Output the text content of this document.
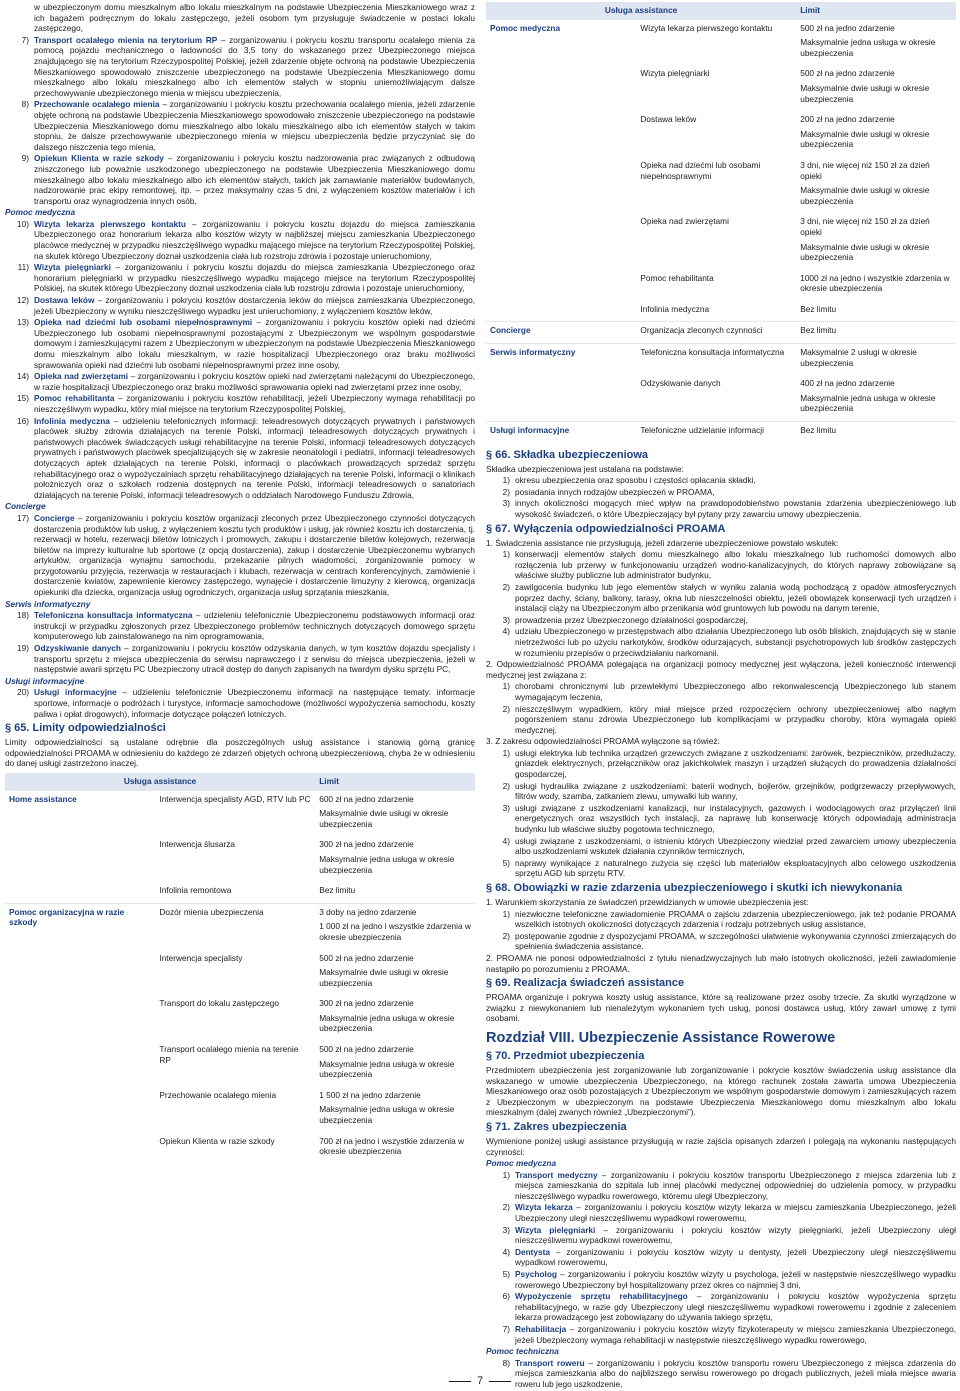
w ubezpieczonym domu mieszkalnym albo lokalu mieszkalnym na podstawie Ubezpieczenia Mieszkaniowego wraz z ich bagażem podręcznym do lokalu zastępczego, jeżeli osobom tym przysługuje świadczenie w postaci lokalu zastępczego,
7) Transport ocalałego mienia na terytorium RP – zorganizowaniu i pokryciu kosztu transportu ocalałego mienia za pomocą pojazdu mechanicznego o ładowności do 3,5 tony do wskazanego przez Ubezpieczonego miejsca znajdującego się na terytorium Rzeczypospolitej Polskiej, jeżeli zdarzenie objęte ochroną na podstawie Ubezpieczenia Mieszkaniowego spowodowało zniszczenie ubezpieczonego na podstawie Ubezpieczenia Mieszkaniowego domu mieszkalnego albo lokalu mieszkalnego albo ich elementów stałych w stopniu uniemożliwiającym dalsze przechowywanie ubezpieczonego mienia w miejscu ubezpieczenia,
8) Przechowanie ocalałego mienia – zorganizowaniu i pokryciu kosztu przechowania ocalałego mienia, jeżeli zdarzenie objęte ochroną na podstawie Ubezpieczenia Mieszkaniowego spowodowało zniszczenie ubezpieczonego na podstawie Ubezpieczenia Mieszkaniowego domu mieszkalnego albo lokalu mieszkalnego albo ich elementów stałych w takim stopniu, że dalsze przechowywanie ubezpieczonego mienia w miejscu ubezpieczenia będzie przyczyniać się do dalszego niszczenia tego mienia,
9) Opiekun Klienta w razie szkody – zorganizowaniu i pokryciu kosztu nadzorowania prac związanych z odbudową zniszczonego lub poważnie uszkodzonego ubezpieczonego na podstawie Ubezpieczenia Mieszkaniowego domu mieszkalnego albo lokalu mieszkalnego albo ich elementów stałych, takich jak zamawianie materiałów budowlanych, nadzorowanie prac ekipy remontowej, itp. – przez maksymalny czas 5 dni, z wyłączeniem kosztów materiałów i ich transportu oraz wynagrodzenia innych osób,
Pomoc medyczna
10) Wizyta lekarza pierwszego kontaktu – zorganizowaniu i pokryciu kosztu dojazdu do miejsca zamieszkania Ubezpieczonego oraz honorarium lekarza albo kosztów wizyty w najbliższej miejscu zamieszkania Ubezpieczonego placówce medycznej w przypadku nieszczęśliwego wypadku mającego miejsce na terytorium Rzeczypospolitej Polskiej, na skutek którego Ubezpieczony doznał uszkodzenia ciała lub rozstroju zdrowia i pozostaje unieruchomiony,
11) Wizyta pielęgniarki – zorganizowaniu i pokryciu kosztu dojazdu do miejsca zamieszkania Ubezpieczonego oraz honorarium pielęgniarki w przypadku nieszczęśliwego wypadku mającego miejsce na terytorium Rzeczypospolitej Polskiej, na skutek którego Ubezpieczony doznał uszkodzenia ciała lub rozstroju zdrowia i pozostaje unieruchomiony,
12) Dostawa leków – zorganizowaniu i pokryciu kosztów dostarczenia leków do miejsca zamieszkania Ubezpieczonego, jeżeli Ubezpieczony w wyniku nieszczęśliwego wypadku jest unieruchomiony, z wyłączeniem kosztów leków,
13) Opieka nad dziećmi lub osobami niepełnosprawnymi – zorganizowaniu i pokryciu kosztów opieki nad dziećmi Ubezpieczonego lub osobami niepełnosprawnymi pozostającymi z Ubezpieczonym we wspólnym gospodarstwie domowym i zamieszkującymi razem z Ubezpieczonym w ubezpieczonym na podstawie Ubezpieczenia Mieszkaniowego domu mieszkalnym albo lokalu mieszkalnym, w razie hospitalizacji Ubezpieczonego oraz braku możliwości sprawowania opieki nad dziećmi lub osobami niepełnosprawnymi przez inne osoby,
14) Opieka nad zwierzętami – zorganizowaniu i pokryciu kosztów opieki nad zwierzętami należącymi do Ubezpieczonego, w razie hospitalizacji Ubezpieczonego oraz braku możliwości sprawowania opieki nad zwierzętami przez inne osoby,
15) Pomoc rehabilitanta – zorganizowaniu i pokryciu kosztów rehabilitacji, jeżeli Ubezpieczony wymaga rehabilitacji po nieszczęśliwym wypadku, który miał miejsce na terytorium Rzeczypospolitej Polskiej,
16) Infolinia medyczna – udzieleniu telefonicznych informacji: teleadresowych dotyczących prywatnych i państwowych placówek służby zdrowia działających na terenie Polski, informacji teleadresowych dotyczących prywatnych i państwowych placówek świadczących usługi rehabilitacyjne na terenie Polski, informacji teleadresowych dotyczących prywatnych i państwowych placówek specjalizujących się w zakresie neonatologii i pediatrii, informacji teleadresowych dotyczących aptek działających na terenie Polski, informacji o placówkach prowadzących sprzedaż sprzętu rehabilitacyjnego oraz o wypożyczalniach sprzętu rehabilitacyjnego działających na terenie Polski, informacji o klinikach położniczych oraz o szkołach rodzenia dostępnych na terenie Polski, informacji teleadresowych o sanatoriach działających na terenie Polski, informacji teleadresowych o oddziałach Narodowego Funduszu Zdrowia,
Concierge
17) Concierge – zorganizowaniu i pokryciu kosztów organizacji zleconych przez Ubezpieczonego czynności dotyczących dostarczenia produktów lub usług, z wyłączeniem kosztu tych produktów i usług, jak również kosztu ich dostarczenia, tj. rezerwacji w hotelu, rezerwacji biletów lotniczych i promowych, zakupu i dostarczenie biletów kolejowych, rezerwacja biletów na imprezy kulturalne lub sportowe (z opcją dostarczenia), zakup i dostarczenie Ubezpieczonemu wybranych artykułów, organizacja wynajmu samochodu, przekazanie pilnych wiadomości, zorganizowanie pomocy w przygotowaniu przyjęcia, rezerwacja w restauracjach i klubach, rezerwacja w centrach konferencyjnych, zamówienie i dostarczenie kwiatów, zapewnienie kierowcy zastępczego, wynajęcie i dostarczenie limuzyny z kierowcą, organizacja opiekunki dla dziecka, organizacja usług ogrodniczych, organizacja usług sprzątania mieszkania,
Serwis informatyczny
18) Telefoniczna konsultacja informatyczna – udzieleniu telefonicznie Ubezpieczonemu podstawowych informacji oraz instrukcji w przypadku zgłoszonych przez Ubezpieczonego problemów technicznych dotyczących domowego sprzętu komputerowego lub zainstalowanego na nim oprogramowania,
19) Odzyskiwanie danych – zorganizowaniu i pokryciu kosztów odzyskania danych, w tym kosztów dojazdu specjalisty i transportu sprzętu z miejsca ubezpieczenia do serwisu naprawczego i z serwisu do miejsca ubezpieczenia, jeżeli w następstwie awarii sprzętu PC Ubezpieczony utracił dostęp do danych zapisanych na twardym dysku sprzętu PC,
Usługi informacyjne
20) Usługi informacyjne – udzieleniu telefonicznie Ubezpieczonemu informacji na następujące tematy: informacje sportowe, informacje o podróżach i turystyce, informacje samochodowe (możliwości wypożyczenia samochodu, koszty paliwa i opłat drogowych), informacje dotyczące połączeń lotniczych.
§ 65. Limity odpowiedzialności

Limity odpowiedzialności są ustalane odrębnie dla poszczególnych usług assistance i stanowią górną granicę odpowiedzialności PROAMA w odniesieniu do każdego ze zdarzeń objętych ochroną ubezpieczeniową, chyba że w odniesieniu do danej usługi zastrzeżono inaczej.

Usługa assistance		Limit
Home assistance	Interwencja specjalisty AGD, RTV lub PC	600 zł na jedno zdarzenie
Maksymalnie dwie usługi w okresie ubezpieczenia

	Interwencja ślusarza	300 zł na jedno zdarzenie
Maksymalnie jedna usługa w okresie ubezpieczenia

	Infolinia remontowa	Bez limitu

Pomoc organizacyjna w razie szkody	Dozór mienia ubezpieczenia	3 doby na jedno zdarzenie
1 000 zł na jedno i wszystkie zdarzenia w okresie ubezpieczenia

	Interwencja specjalisty	500 zł na jedno zdarzenie
Maksymalnie dwie usługi w okresie ubezpieczenia

	Transport do lokalu zastępczego	300 zł na jedno zdarzenie
Maksymalnie jedna usługa w okresie ubezpieczenia

	Transport ocalałego mienia na terenie RP	500 zł na jedno zdarzenie
Maksymalnie jedna usługa w okresie ubezpieczenia

	Przechowanie ocalałego mienia	1 500 zł na jedno zdarzenie
Maksymalnie jedna usługa w okresie ubezpieczenia

	Opiekun Klienta w razie szkody	700 zł na jedno i wszystkie zdarzenia w okresie ubezpieczenia
Usługa assistance		Limit
Pomoc medyczna	Wizyta lekarza pierwszego kontaktu	500 zł na jedno zdarzenie
Maksymalnie jedna usługa w okresie ubezpieczenia

	Wizyta pielęgniarki	500 zł na jedno zdarzenie
Maksymalnie dwie usługi w okresie ubezpieczenia

	Dostawa leków	200 zł na jedno zdarzenie
Maksymalnie dwie usługi w okresie ubezpieczenia

	Opieka nad dziećmi lub osobami niepełnosprawnymi	3 dni, nie więcej niż 150 zł za dzień opieki
Maksymalnie dwie usługi w okresie ubezpieczenia

	Opieka nad zwierzętami	3 dni, nie więcej niż 150 zł za dzień opieki
Maksymalnie dwie usługi w okresie ubezpieczenia

	Pomoc rehabilitanta	1000 zł na jedno i wszystkie zdarzenia w okresie ubezpieczenia

	Infolinia medyczna	Bez limitu

Concierge	Organizacja zleconych czynności	Bez limitu

Serwis informatyczny	Telefoniczna konsultacja informatyczna	Maksymalnie 2 usługi w okresie ubezpieczenia

	Odzyskiwanie danych	400 zł na jedno zdarzenie
Maksymalnie jedna usługa w okresie ubezpieczenia

Usługi informacyjne	Telefoniczne udzielanie informacji	Bez limitu
§ 66. Składka ubezpieczeniowa

Składka ubezpieczeniowa jest ustalana na podstawie:

1) okresu ubezpieczenia oraz sposobu i częstości opłacania składki,
2) posiadania innych rodzajów ubezpieczeń w PROAMA,
3) innych okoliczności mogących mieć wpływ na prawdopodobieństwo powstania zdarzenia ubezpieczeniowego lub wysokość świadczeń, o które Ubezpieczający był pytany przy zawarciu umowy ubezpieczenia.
§ 67. Wyłączenia odpowiedzialności PROAMA

1. Świadczenia assistance nie przysługują, jeżeli zdarzenie ubezpieczeniowe powstało wskutek:

1) konserwacji elementów stałych domu mieszkalnego albo lokalu mieszkalnego lub ruchomości domowych albo rozłączenia lub przerwy w funkcjonowaniu urządzeń wodno-kanalizacyjnych, do których naprawy zobowiązane są właściwe służby publiczne lub administrator budynku,
2) zawilgocenia budynku lub jego elementów stałych w wyniku zalania wodą pochodzącą z opadów atmosferycznych poprzez dachy, ściany, balkony, tarasy, okna lub nieszczelności obiektu, jeżeli obowiązek konserwacji tych urządzeń i instalacji ciąży na Ubezpieczonym albo przenikania wód gruntowych lub powodu na danym terenie,
3) prowadzenia przez Ubezpieczonego działalności gospodarczej,
4) udziału Ubezpieczonego w przestępstwach albo działania Ubezpieczonego lub osób bliskich, znajdujących się w stanie nietrzeźwości lub po użyciu narkotyków, środków odurzających, substancji psychotropowych lub środków zastępczych w rozumieniu przepisów o przeciwdziałaniu narkomanii.

2. Odpowiedzialność PROAMA polegająca na organizacji pomocy medycznej jest wyłączona, jeżeli konieczność interwencji medycznej jest związana z:

1) chorobami chronicznymi lub przewlekłymi Ubezpieczonego albo rekonwalescencją Ubezpieczonego lub stanem wymagającym leczenia,
2) nieszczęśliwym wypadkiem, który miał miejsce przed rozpoczęciem ochrony ubezpieczeniowej albo nagłym pogorszeniem stanu zdrowia Ubezpieczonego lub komplikacjami w przypadku choroby, która wymagała opieki medycznej.

3. Z zakresu odpowiedzialności PROAMA wyłączone są rówież:

1) usługi elektryka lub technika urządzeń grzewczych związane z uszkodzeniami: żarówek, bezpieczników, przedłużaczy, gniazdek elektrycznych, przełączników oraz jakichkolwiek maszyn i urządzeń służących do prowadzenia działalności gospodarczej,
2) usługi hydraulika związane z uszkodzeniami: baterii wodnych, bojlerów, grzejników, podgrzewaczy przepływowych, filtrów wody, szamba, zatkaniem zlewu, umywalki lub wanny,
3) usługi związane z uszkodzeniami kanalizacji, nur instalacyjnych, gazowych i wodociągowych oraz przyłączeń linii energetycznych oraz wszystkich tych instalacji, za naprawę lub konserwację których odpowiadają administracja budynku lub właściwe służby pogotowia technicznego,
4) usługi związane z uszkodzeniami, o istnieniu których Ubezpieczony wiedział przed zawarciem umowy ubezpieczenia albo uszkodzeniami wskutek działania czynników termicznych,
5) naprawy wynikające z naturalnego zużycia się części lub materiałów eksploatacyjnych albo celowego uszkodzenia sprzętu AGD lub sprzętu RTV.
§ 68. Obowiązki w razie zdarzenia ubezpieczeniowego i skutki ich niewykonania

1. Warunkiem skorzystania ze świadczeń przewidzianych w umowie ubezpieczenia jest:

1) niezwłoczne telefoniczne zawiadomienie PROAMA o zajściu zdarzenia ubezpieczeniowego, jak też podanie PROAMA wszelkich istotnych okoliczności dotyczących zdarzenia i rodzaju potrzebnych usług assistance,
2) postępowanie zgodnie z dyspozycjami PROAMA, w szczególności ułatwienie wykonywania czynności zmierzających do spełnienia świadczenia assistance.

2. PROAMA nie ponosi odpowiedzialności z tytułu nienadzwyczajnych lub mało istotnych okoliczności, jeżeli zawiadomienie nastąpiło po porozumieniu z PROAMA.

§ 69. Realizacja świadczeń assistance

PROAMA organizuje i pokrywa koszty usług assistance, które są realizowane przez osoby trzecie. Za skutki wyrządzone w związku z niewykonaniem lub nienależytym wykonaniem tych usług, ponosi dostawca usług, który zawarł umowę z tymi osobami.

Rozdział VIII. Ubezpieczenie Assistance Rowerowe
§ 70. Przedmiot ubezpieczenia

Przedmiotem ubezpieczenia jest zorganizowanie lub zorganizowanie i pokrycie kosztów świadczenia usług assistance dla wskazanego w umowie ubezpieczenia Ubezpieczonego, na którego rachunek została zawarta umowa Ubezpieczenia Mieszkaniowego oraz osób pozostających z Ubezpieczonym we wspólnym gospodarstwie domowym i zamieszkujących razem z Ubezpieczonym w ubezpieczonym na podstawie Ubezpieczenia Mieszkaniowego domu mieszkalnym albo lokalu mieszkalnym (dalej zwanych również „Ubezpieczonymi”).

§ 71. Zakres ubezpieczenia

Wymienione poniżej usługi assistance przysługują w razie zajścia opisanych zdarzeń i polegają na wykonaniu następujących czynności:

Pomoc medyczna
1) Transport medyczny – zorganizowaniu i pokryciu kosztów transportu Ubezpieczonego z miejsca zdarzenia lub z miejsca zamieszkania do szpitala lub innej placówki medycznej odpowiedniej do udzielenia pomocy, w przypadku nieszczęśliwego wypadku rowerowego, któremu uległ Ubezpieczony,
2) Wizyta lekarza – zorganizowaniu i pokryciu kosztów wizyty lekarza w miejscu zamieszkania Ubezpieczonego, jeżeli Ubezpieczony uległ nieszczęśliwemu wypadkowi rowerowemu,
3) Wizyta pielęgniarki – zorganizowaniu i pokryciu kosztów wizyty pielęgniarki, jeżeli Ubezpieczony uległ nieszczęśliwemu wypadkowi rowerowemu,
4) Dentysta – zorganizowaniu i pokryciu kosztów wizyty u dentysty, jeżeli Ubezpieczony uległ nieszczęśliwemu wypadkowi rowerowemu,
5) Psycholog – zorganizowaniu i pokryciu kosztów wizyty u psychologa, jeżeli w następstwie nieszczęśliwego wypadku rowerowego Ubezpieczony był hospitalizowany przez okres co najmniej 3 dni,
6) Wypożyczenie sprzętu rehabilitacyjnego – zorganizowaniu i pokryciu kosztów wypożyczenia sprzętu rehabilitacyjnego, w razie gdy Ubezpieczony uległ nieszczęśliwemu wypadkowi rowerowemu i zgodnie z zaleceniem lekarza prowadzącego jest zobowiązany do używania takiego sprzętu,
7) Rehabilitacja – zorganizowaniu i pokryciu kosztów wizyty fizykoterapeuty w miejscu zamieszkania Ubezpieczonego, jeżeli Ubezpieczony wymaga rehabilitacji w następstwie nieszczęśliwego wypadku rowerowego,
Pomoc techniczna
8) Transport roweru – zorganizowaniu i pokryciu kosztów transportu roweru Ubezpieczonego z miejsca zdarzenia do miejsca zamieszkania albo do najbliższego serwisu rowerowego po drogach publicznych, jeżeli miała miejsce awaria roweru lub jego uszkodzenie,
7
